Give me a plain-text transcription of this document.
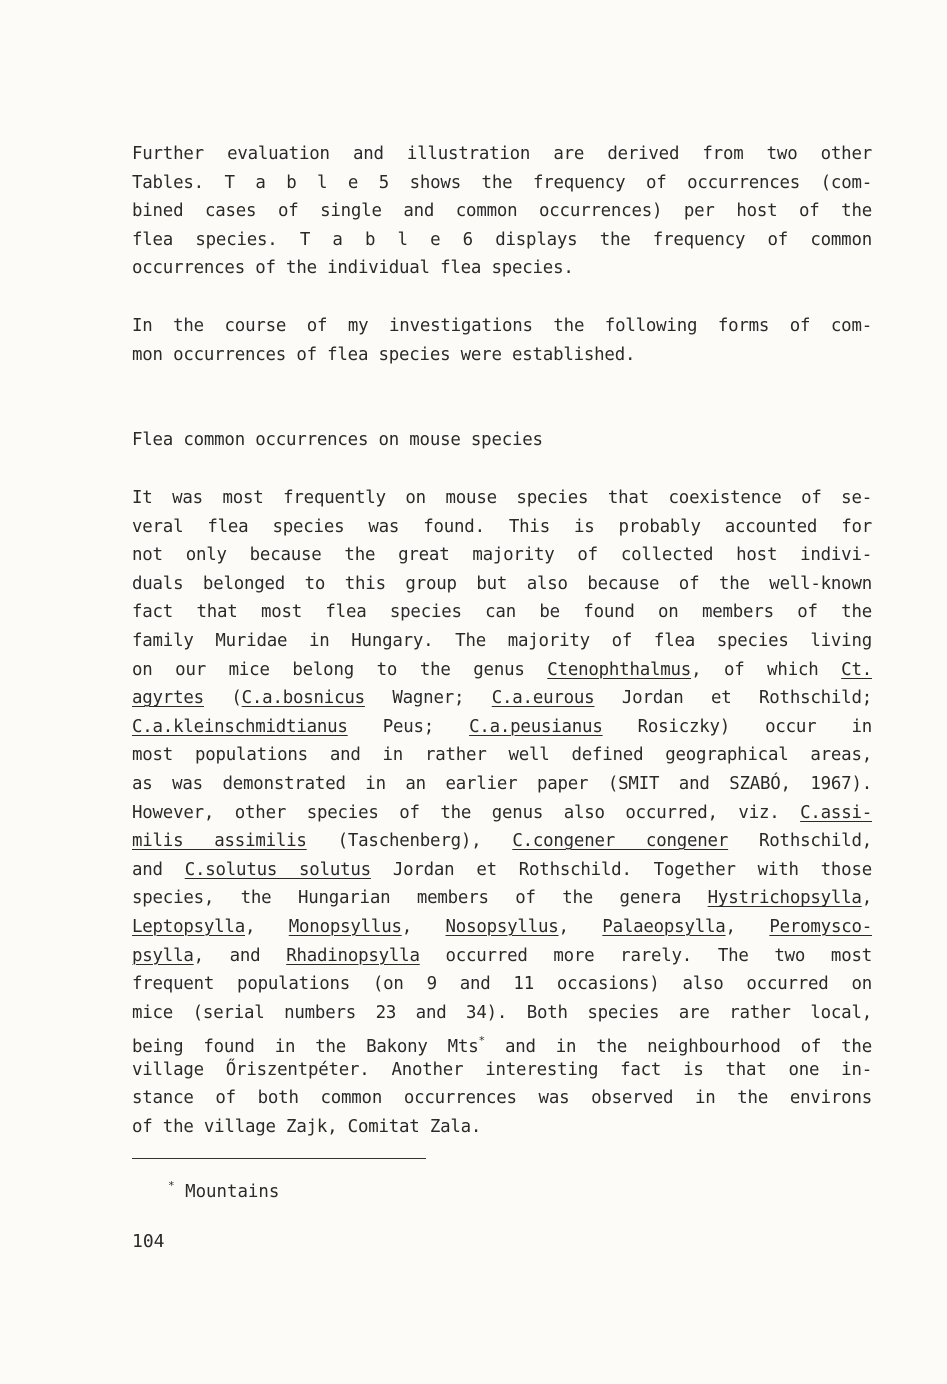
Further evaluation and illustration are derived from two other
Tables. T a b l e 5 shows the frequency of occurrences (com-
bined cases of single and common occurrences) per host of the
flea species. T a b l e 6 displays the frequency of common
occurrences of the individual flea species.
In the course of my investigations the following forms of com-
mon occurrences of flea species were established.
Flea common occurrences on mouse species
It was most frequently on mouse species that coexistence of se-
veral flea species was found. This is probably accounted for
not only because the great majority of collected host indivi-
duals belonged to this group but also because of the well-known
fact that most flea species can be found on members of the
family Muridae in Hungary. The majority of flea species living
on our mice belong to the genus Ctenophthalmus, of which Ct.
agyrtes (C.a.bosnicus Wagner; C.a.eurous Jordan et Rothschild;
C.a.kleinschmidtianus Peus; C.a.peusianus Rosiczky) occur in
most populations and in rather well defined geographical areas,
as was demonstrated in an earlier paper (SMIT and SZABÓ, 1967).
However, other species of the genus also occurred, viz. C.assi-
milis assimilis (Taschenberg), C.congener congener Rothschild,
and C.solutus solutus Jordan et Rothschild. Together with those
species, the Hungarian members of the genera Hystrichopsylla,
Leptopsylla, Monopsyllus, Nosopsyllus, Palaeopsylla, Peromysco-
psylla, and Rhadinopsylla occurred more rarely. The two most
frequent populations (on 9 and 11 occasions) also occurred on
mice (serial numbers 23 and 34). Both species are rather local,
being found in the Bakony Mts* and in the neighbourhood of the
village Őriszentpéter. Another interesting fact is that one in-
stance of both common occurrences was observed in the environs
of the village Zajk, Comitat Zala.
* Mountains
104
